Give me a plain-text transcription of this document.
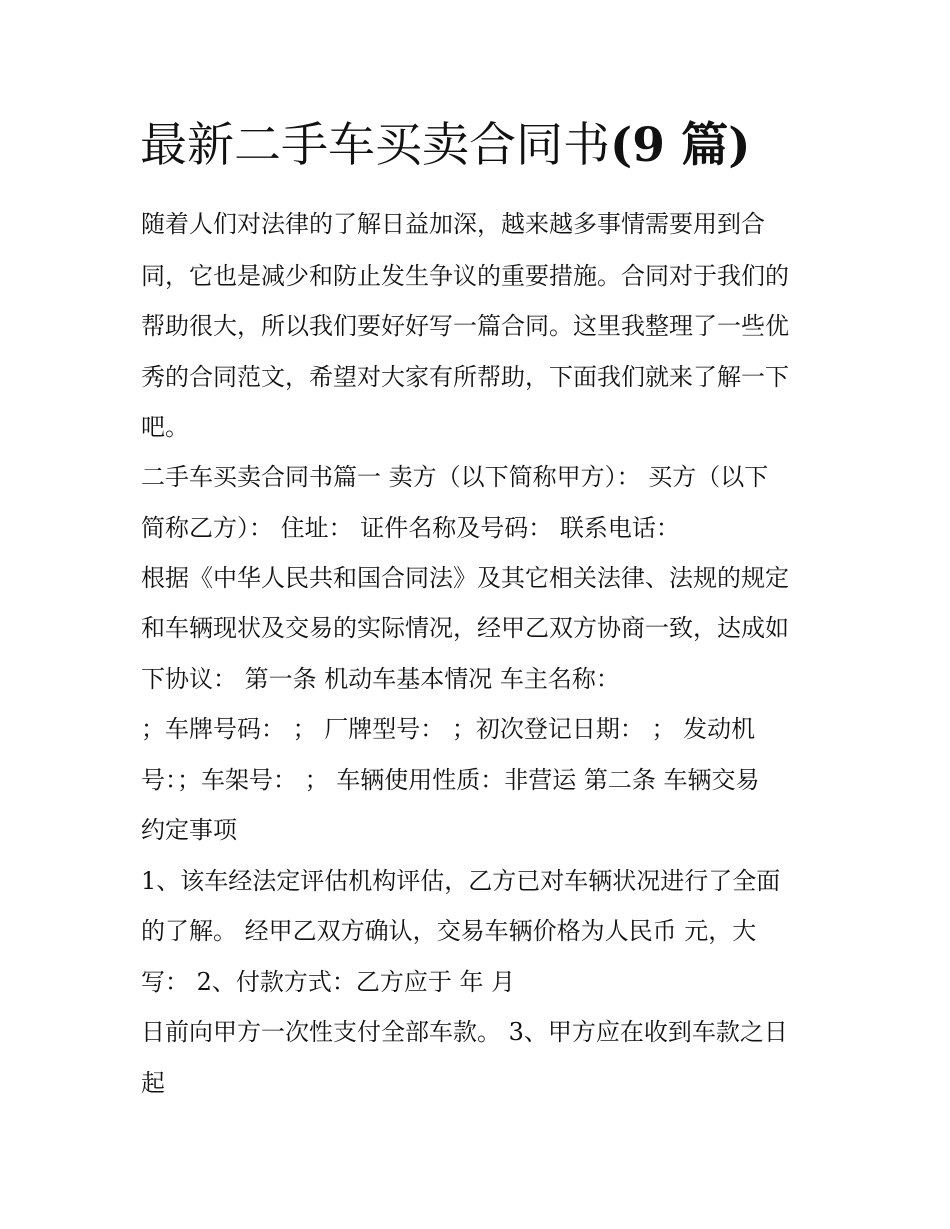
最新二手车买卖合同书(9 篇)
随着人们对法律的了解日益加深，越来越多事情需要用到合
同，它也是减少和防止发生争议的重要措施。合同对于我们的
帮助很大，所以我们要好好写一篇合同。这里我整理了一些优
秀的合同范文，希望对大家有所帮助，下面我们就来了解一下
吧。
二手车买卖合同书篇一 卖方（以下简称甲方）： 买方（以下
简称乙方）： 住址： 证件名称及号码： 联系电话：
根据《中华人民共和国合同法》及其它相关法律、法规的规定
和车辆现状及交易的实际情况，经甲乙双方协商一致，达成如
下协议： 第一条 机动车基本情况 车主名称：
；车牌号码： ； 厂牌型号： ；初次登记日期： ； 发动机
号：；车架号： ； 车辆使用性质：非营运 第二条 车辆交易
约定事项
1、该车经法定评估机构评估，乙方已对车辆状况进行了全面
的了解。 经甲乙双方确认，交易车辆价格为人民币 元，大
写： 2、付款方式：乙方应于 年 月
日前向甲方一次性支付全部车款。 3、甲方应在收到车款之日
起
